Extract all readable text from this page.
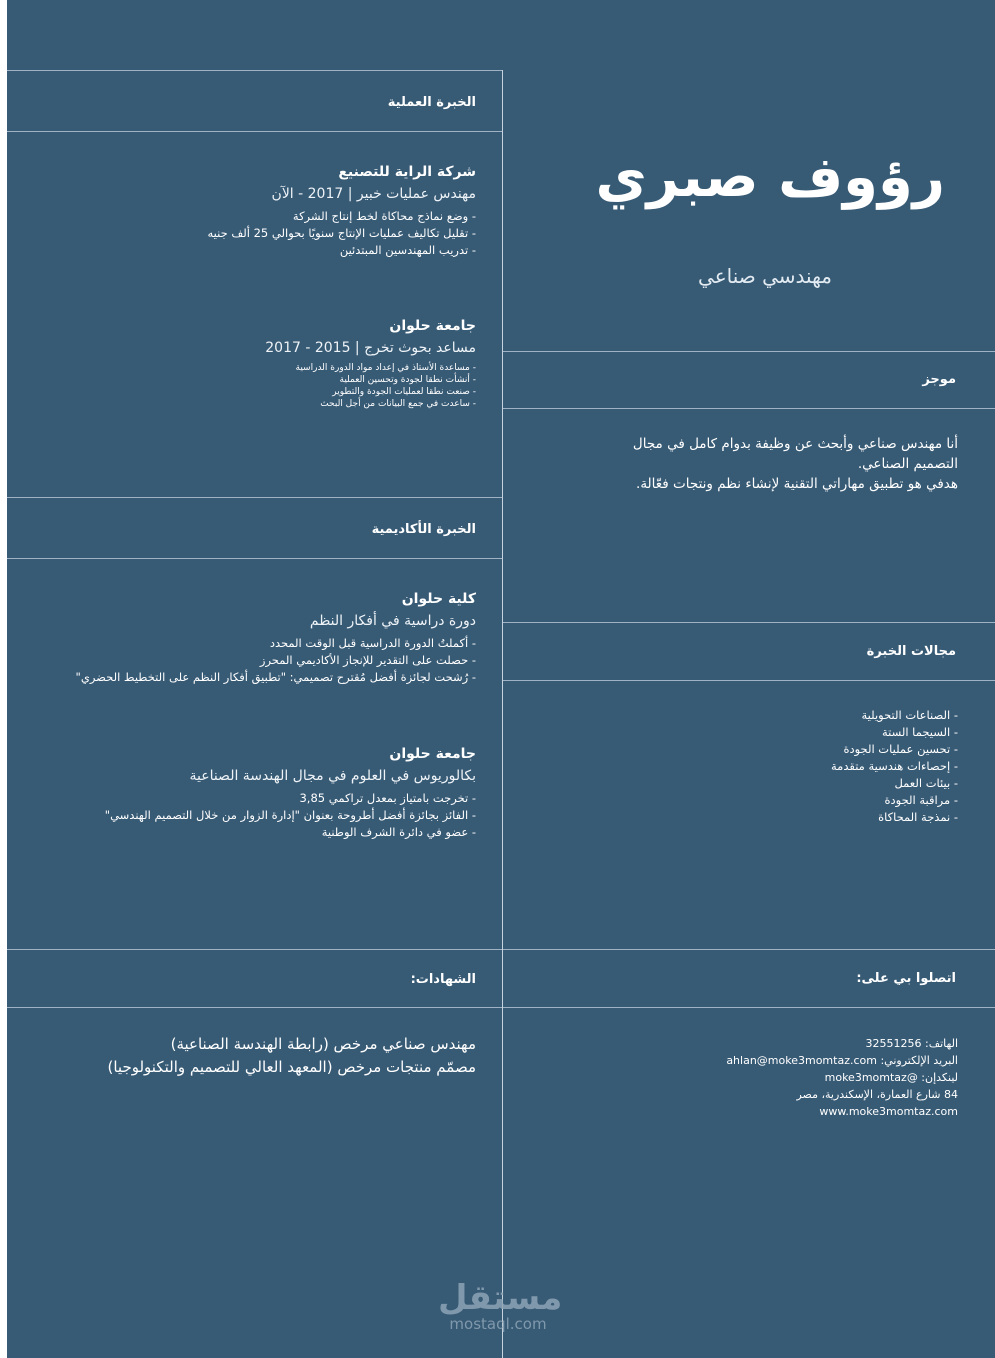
رؤوف صبري
مهندسي صناعي
موجز
أنا مهندس صناعي وأبحث عن وظيفة بدوام كامل في مجال
التصميم الصناعي.
هدفي هو تطبيق مهاراتي التقنية لإنشاء نظم ونتجات فعّالة.
مجالات الخبرة
- الصناعات التحويلية
- السيجما الستة
- تحسين عمليات الجودة
- إحصاءات هندسية متقدمة
- بيئات العمل
- مراقبة الجودة
- نمذجة المحاكاة
اتصلوا بي على:
الهاتف: 32551256
البريد الإلكتروني: ahlan@moke3momtaz.com
لينكدإن: @moke3momtaz
84 شارع العمارة، الإسكندرية، مصر
www.moke3momtaz.com
الخبرة العملية
شركة الراية للتصنيع
مهندس عمليات خبير | 2017 - الآن
- وضع نماذج محاكاة لخط إنتاج الشركة
- تقليل تكاليف عمليات الإنتاج سنويًا بحوالي 25 ألف جنيه
- تدريب المهندسين المبتدئين
جامعة حلوان
مساعد بحوث تخرج | 2015 - 2017
- مساعدة الأستاذ في إعداد مواد الدورة الدراسية
- أنشأت نطقا لجودة وتحسين العملية
- صنعت نطقا لعمليات الجودة والتطوير
- ساعدت في جمع البيانات من أجل البحث
الخبرة الأكاديمية
كلية حلوان
دورة دراسية في أفكار النظم
- أكملتُ الدورة الدراسية قبل الوقت المحدد
- حصلت على التقدير للإنجاز الأكاديمي المحرز
- رُشحت لجائزة أفضل مُقترح تصميمي: "تطبيق أفكار النظم على التخطيط الحضري"
جامعة حلوان
بكالوريوس في العلوم في مجال الهندسة الصناعية
- تخرجت بامتياز بمعدل تراكمي 3,85
- الفائز بجائزة أفضل أطروحة بعنوان "إدارة الزوار من خلال التصميم الهندسي"
- عضو في دائرة الشرف الوطنية
الشهادات:
مهندس صناعي مرخص (رابطة الهندسة الصناعية)
مصمّم منتجات مرخص (المعهد العالي للتصميم والتكنولوجيا)
مستقل
mostaql.com
